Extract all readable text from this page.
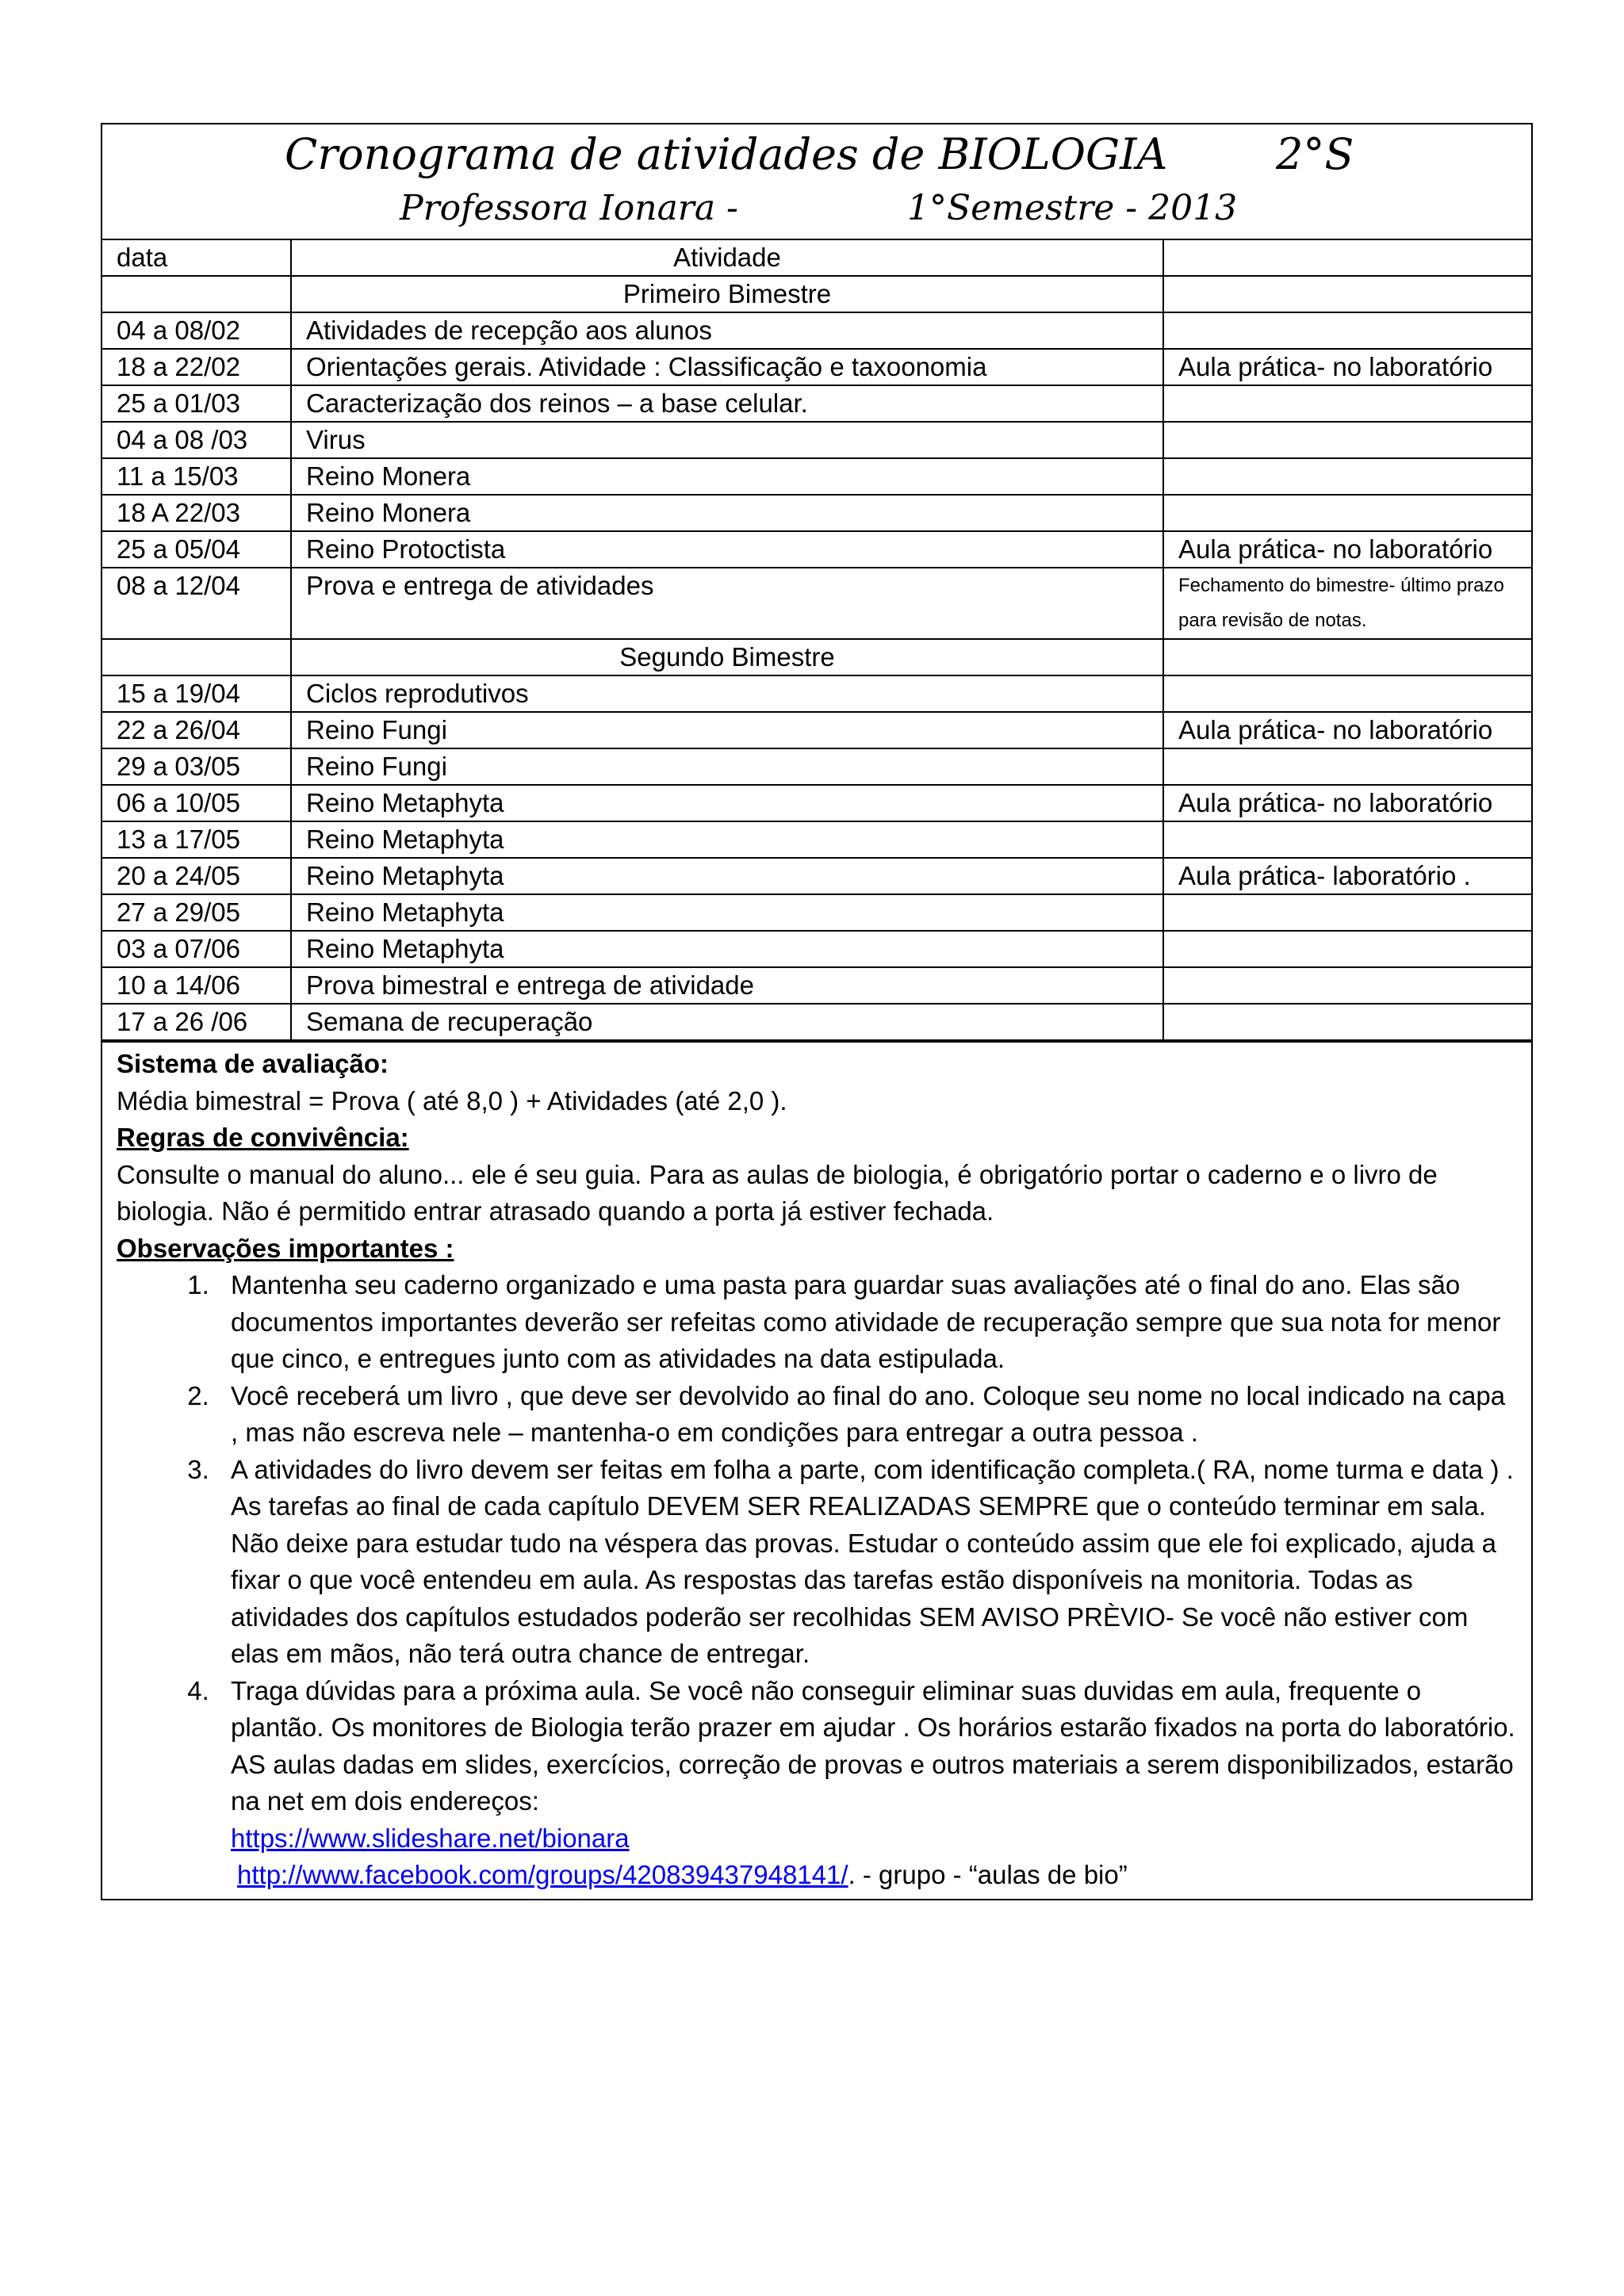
Cronograma de atividades de BIOLOGIA	2°S
Professora Ionara -	1°Semestre - 2013
data	Atividade	
	Primeiro Bimestre	
04 a 08/02	Atividades de recepção aos alunos	
18 a 22/02	Orientações gerais. Atividade : Classificação e taxoonomia	Aula prática- no laboratório
25 a 01/03	Caracterização dos reinos – a base celular.	
04 a 08 /03	Virus	
11 a 15/03	Reino Monera	
18 A 22/03	Reino Monera	
25 a 05/04	Reino Protoctista	Aula prática- no laboratório
08 a 12/04	Prova e entrega de atividades	Fechamento do bimestre- último prazo para revisão de notas.
	Segundo Bimestre	
15 a 19/04	Ciclos reprodutivos	
22 a 26/04	Reino Fungi	Aula prática- no laboratório
29 a 03/05	Reino Fungi	
06 a 10/05	Reino Metaphyta	Aula prática- no laboratório
13 a 17/05	Reino Metaphyta	
20 a 24/05	Reino Metaphyta	Aula prática- laboratório .
27 a 29/05	Reino Metaphyta	
03 a 07/06	Reino Metaphyta	
10 a 14/06	Prova bimestral e entrega de atividade	
17 a 26 /06	Semana de recuperação	

Sistema de avaliação:

Média bimestral = Prova ( até 8,0 ) + Atividades (até 2,0 ).

Regras de convivência:

Consulte o manual do aluno... ele é seu guia. Para as aulas de biologia, é obrigatório portar o caderno e o livro de biologia. Não é permitido entrar atrasado quando a porta já estiver fechada.

Observações importantes :

1. Mantenha seu caderno organizado e uma pasta para guardar suas avaliações até o final do ano. Elas são documentos importantes deverão ser refeitas como atividade de recuperação sempre que sua nota for menor que cinco, e entregues junto com as atividades na data estipulada.
2. Você receberá um livro , que deve ser devolvido ao final do ano. Coloque seu nome no local indicado na capa , mas não escreva nele – mantenha-o em condições para entregar a outra pessoa .
3. A atividades do livro devem ser feitas em folha a parte, com identificação completa.( RA, nome turma e data ) . As tarefas ao final de cada capítulo DEVEM SER REALIZADAS SEMPRE que o conteúdo terminar em sala. Não deixe para estudar tudo na véspera das provas. Estudar o conteúdo assim que ele foi explicado, ajuda a fixar o que você entendeu em aula. As respostas das tarefas estão disponíveis na monitoria. Todas as atividades dos capítulos estudados poderão ser recolhidas SEM AVISO PRÈVIO- Se você não estiver com elas em mãos, não terá outra chance de entregar.
4. Traga dúvidas para a próxima aula. Se você não conseguir eliminar suas duvidas em aula, frequente o plantão. Os monitores de Biologia terão prazer em ajudar . Os horários estarão fixados na porta do laboratório.

AS aulas dadas em slides, exercícios, correção de provas e outros materiais a serem disponibilizados, estarão na net em dois endereços:

https://www.slideshare.net/bionara

http://www.facebook.com/groups/420839437948141/. - grupo - “aulas de bio”
